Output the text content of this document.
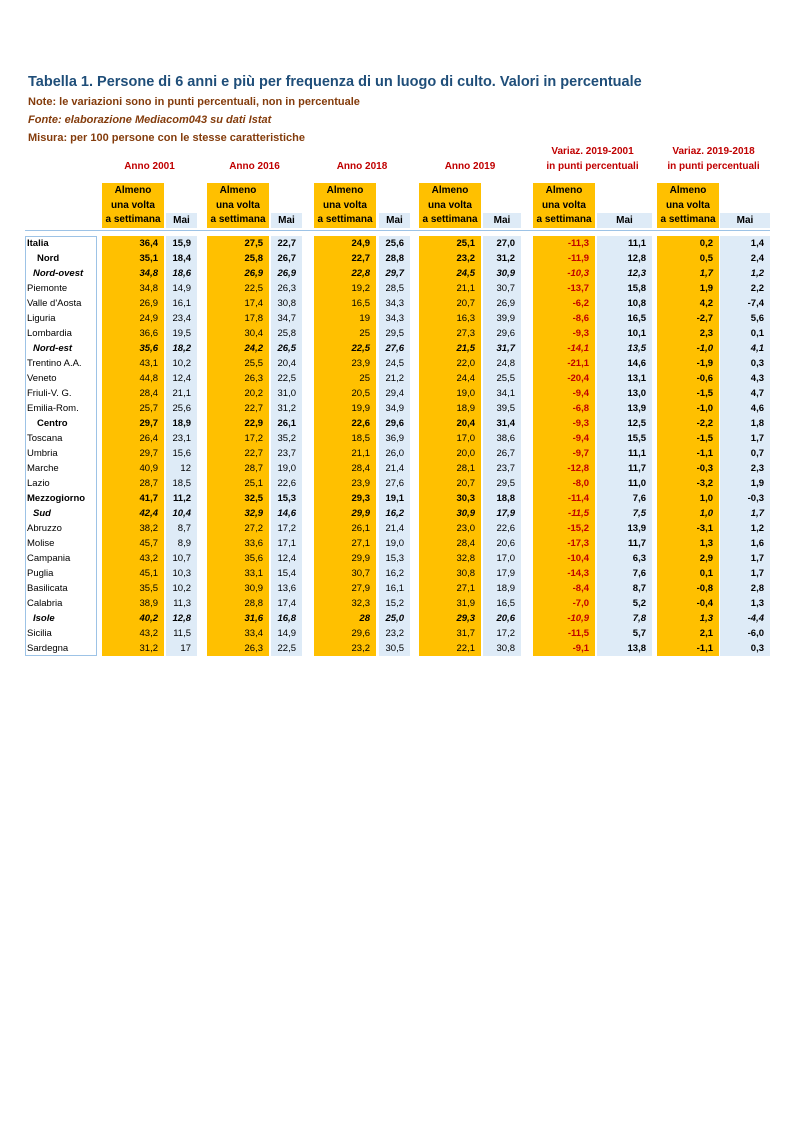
Tabella 1. Persone di 6 anni e più per frequenza di un luogo di culto. Valori in percentuale
Note: le variazioni sono in punti percentuali, non in percentuale
Fonte: elaborazione Mediacom043 su dati Istat
Misura: per 100 persone con le stesse caratteristiche
Anno 2001
Almeno
una volta
a settimana	Mai
Anno 2016
Almeno
una volta
a settimana	Mai
Anno 2018
Almeno
una volta
a settimana	Mai
Anno 2019
Almeno
una volta
a settimana	Mai
Variaz. 2019-2001
in punti percentuali
Almeno
una volta
a settimana	Mai
Variaz. 2019-2018
in punti percentuali
Almeno
una volta
a settimana	Mai
Italia	36,4	15,9	27,5	22,7	24,9	25,6	25,1	27,0	-11,3	11,1	0,2	1,4
Nord	35,1	18,4	25,8	26,7	22,7	28,8	23,2	31,2	-11,9	12,8	0,5	2,4
Nord-ovest	34,8	18,6	26,9	26,9	22,8	29,7	24,5	30,9	-10,3	12,3	1,7	1,2
Piemonte	34,8	14,9	22,5	26,3	19,2	28,5	21,1	30,7	-13,7	15,8	1,9	2,2
Valle d'Aosta	26,9	16,1	17,4	30,8	16,5	34,3	20,7	26,9	-6,2	10,8	4,2	-7,4
Liguria	24,9	23,4	17,8	34,7	19	34,3	16,3	39,9	-8,6	16,5	-2,7	5,6
Lombardia	36,6	19,5	30,4	25,8	25	29,5	27,3	29,6	-9,3	10,1	2,3	0,1
Nord-est	35,6	18,2	24,2	26,5	22,5	27,6	21,5	31,7	-14,1	13,5	-1,0	4,1
Trentino A.A.	43,1	10,2	25,5	20,4	23,9	24,5	22,0	24,8	-21,1	14,6	-1,9	0,3
Veneto	44,8	12,4	26,3	22,5	25	21,2	24,4	25,5	-20,4	13,1	-0,6	4,3
Friuli-V. G.	28,4	21,1	20,2	31,0	20,5	29,4	19,0	34,1	-9,4	13,0	-1,5	4,7
Emilia-Rom.	25,7	25,6	22,7	31,2	19,9	34,9	18,9	39,5	-6,8	13,9	-1,0	4,6
Centro	29,7	18,9	22,9	26,1	22,6	29,6	20,4	31,4	-9,3	12,5	-2,2	1,8
Toscana	26,4	23,1	17,2	35,2	18,5	36,9	17,0	38,6	-9,4	15,5	-1,5	1,7
Umbria	29,7	15,6	22,7	23,7	21,1	26,0	20,0	26,7	-9,7	11,1	-1,1	0,7
Marche	40,9	12	28,7	19,0	28,4	21,4	28,1	23,7	-12,8	11,7	-0,3	2,3
Lazio	28,7	18,5	25,1	22,6	23,9	27,6	20,7	29,5	-8,0	11,0	-3,2	1,9
Mezzogiorno	41,7	11,2	32,5	15,3	29,3	19,1	30,3	18,8	-11,4	7,6	1,0	-0,3
Sud	42,4	10,4	32,9	14,6	29,9	16,2	30,9	17,9	-11,5	7,5	1,0	1,7
Abruzzo	38,2	8,7	27,2	17,2	26,1	21,4	23,0	22,6	-15,2	13,9	-3,1	1,2
Molise	45,7	8,9	33,6	17,1	27,1	19,0	28,4	20,6	-17,3	11,7	1,3	1,6
Campania	43,2	10,7	35,6	12,4	29,9	15,3	32,8	17,0	-10,4	6,3	2,9	1,7
Puglia	45,1	10,3	33,1	15,4	30,7	16,2	30,8	17,9	-14,3	7,6	0,1	1,7
Basilicata	35,5	10,2	30,9	13,6	27,9	16,1	27,1	18,9	-8,4	8,7	-0,8	2,8
Calabria	38,9	11,3	28,8	17,4	32,3	15,2	31,9	16,5	-7,0	5,2	-0,4	1,3
Isole	40,2	12,8	31,6	16,8	28	25,0	29,3	20,6	-10,9	7,8	1,3	-4,4
Sicilia	43,2	11,5	33,4	14,9	29,6	23,2	31,7	17,2	-11,5	5,7	2,1	-6,0
Sardegna	31,2	17	26,3	22,5	23,2	30,5	22,1	30,8	-9,1	13,8	-1,1	0,3
